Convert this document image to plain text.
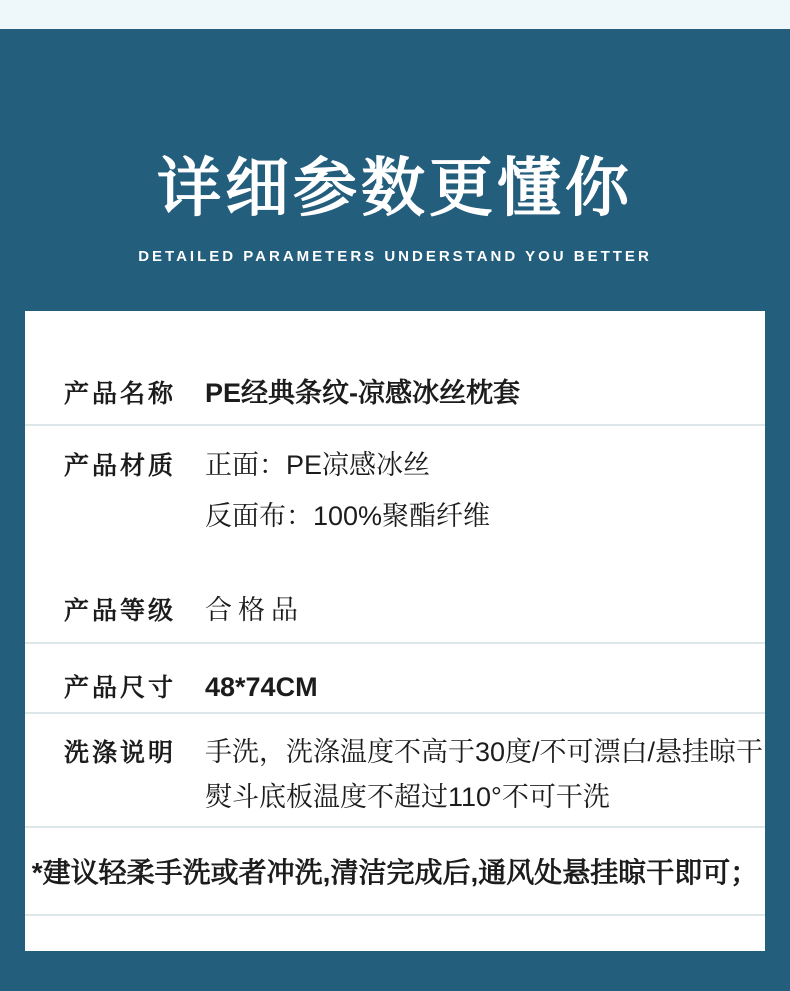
详细参数更懂你
DETAILED PARAMETERS UNDERSTAND YOU BETTER
产品名称	PE经典条纹-凉感冰丝枕套
产品材质	正面：PE凉感冰丝
反面布：100%聚酯纤维
产品等级	合格品
产品尺寸	48*74CM
洗涤说明	手洗，洗涤温度不高于30度/不可漂白/悬挂晾干
熨斗底板温度不超过110°不可干洗
*建议轻柔手洗或者冲洗,清洁完成后,通风处悬挂晾干即可；
